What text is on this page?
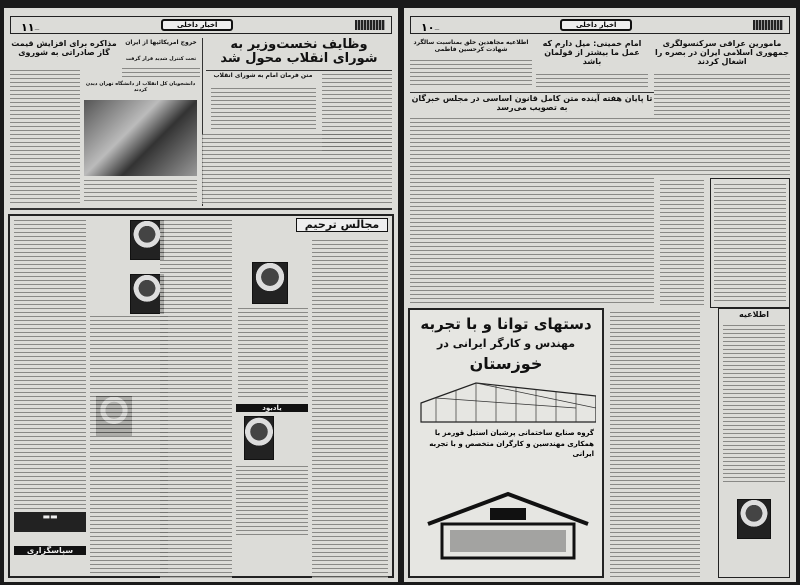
اخبار داخلی
—۱۱
وظایف نخست‌وزیر به شورای انقلاب محول شد
متن فرمان امام به شورای انقلاب
دانشجویان کل انقلاب از دانشگاه تهران دیدن کردند
خروج امریکائیها از ایران
تحت کنترل شدید قرار گرفت
مذاکره برای افزایش قیمت گاز صادراتی به شوروی
مجالس ترحیم
یادبود
▬▬
سپاسگزاری
اخبار داخلی
—۱۰
مامورین عراقی سرکنسولگری جمهوری اسلامی ایران در بصره را اشغال کردند
امام خمینی: میل دارم که عمل ما بیشتر از قولمان باشد
اطلاعیه مجاهدین خلق بمناسبت سالگرد شهادت کرحسین فاطمی
تا پایان هفته آینده متن کامل قانون اساسی در مجلس خبرگان به تصویب می‌رسد
دستهای توانا و با تجربه
مهندس و کارگر ایرانی در
خوزستان
گروه صنایع ساختمانی پرشیان استیل فورمز با همکاری مهندسین و کارگران متخصص و با تجربه ایرانی
اطلاعیه
